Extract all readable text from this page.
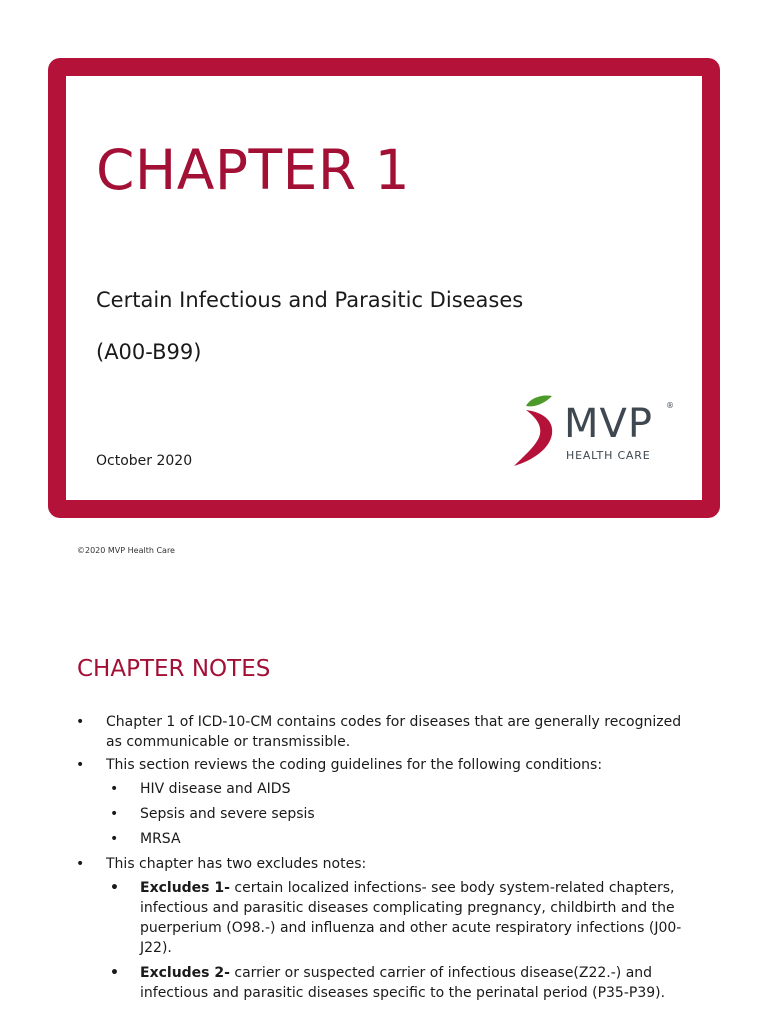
CHAPTER 1
Certain Infectious and Parasitic Diseases
(A00-B99)
October 2020
MVP ®
HEALTH CARE
©2020 MVP Health Care
CHAPTER NOTES
• Chapter 1 of ICD-10-CM contains codes for diseases that are generally recognized as communicable or transmissible.
• This section reviews the coding guidelines for the following conditions:
• HIV disease and AIDS
• Sepsis and severe sepsis
• MRSA
• This chapter has two excludes notes:
• Excludes 1- certain localized infections- see body system-related chapters, infectious and parasitic diseases complicating pregnancy, childbirth and the puerperium (O98.-) and influenza and other acute respiratory infections (J00-J22).
• Excludes 2- carrier or suspected carrier of infectious disease(Z22.-) and infectious and parasitic diseases specific to the perinatal period (P35-P39).
